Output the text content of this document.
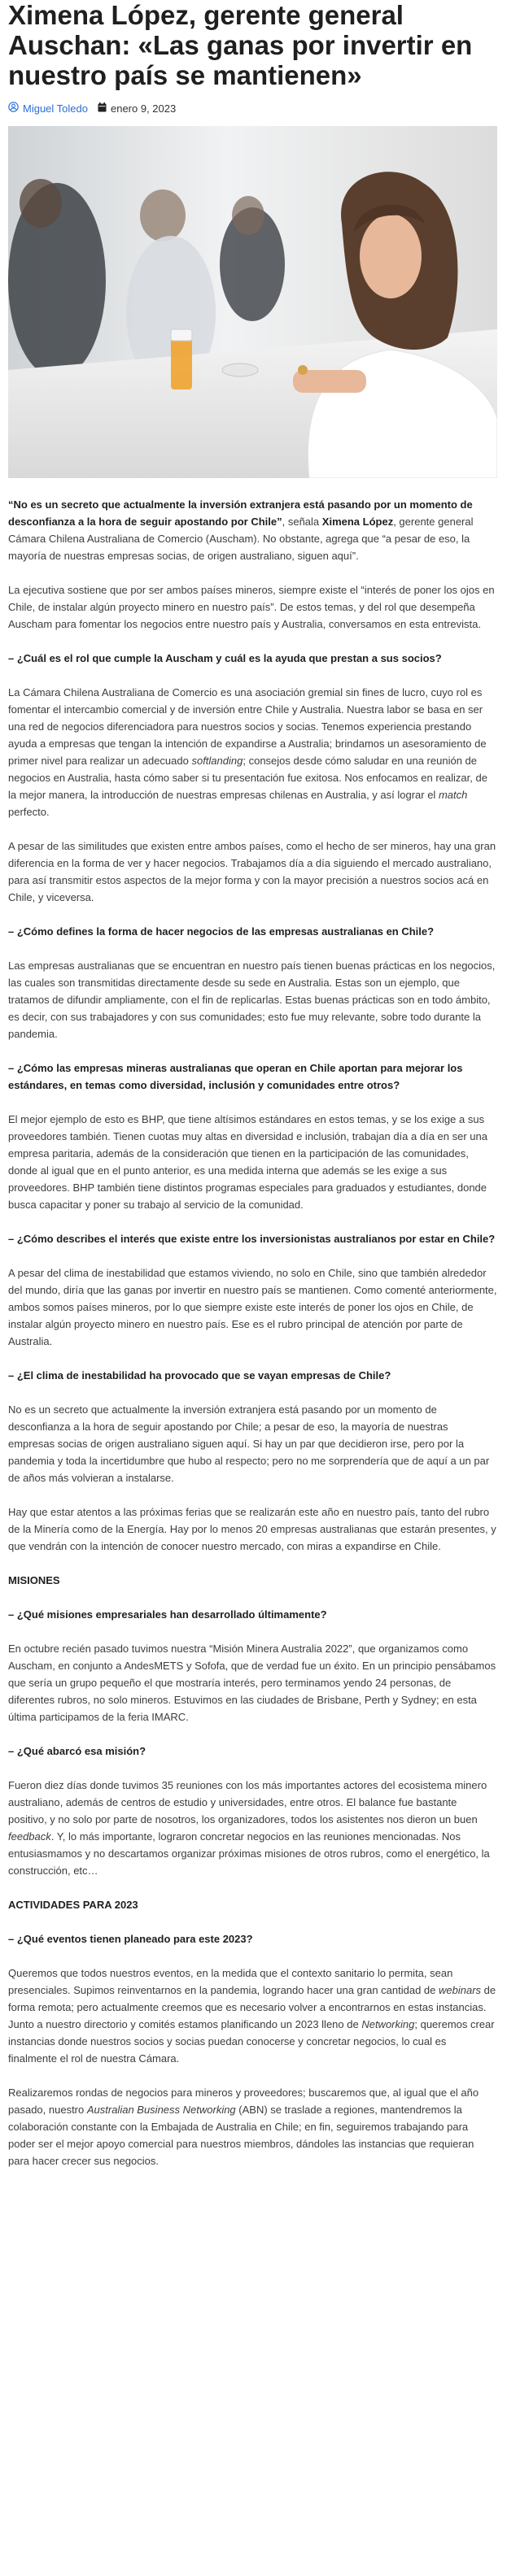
Ximena López, gerente general Auschan: «Las ganas por invertir en nuestro país se mantienen»
Miguel Toledo enero 9, 2023

“No es un secreto que actualmente la inversión extranjera está pasando por un momento de desconfianza a la hora de seguir apostando por Chile”, señala Ximena López, gerente general Cámara Chilena Australiana de Comercio (Auscham). No obstante, agrega que “a pesar de eso, la mayoría de nuestras empresas socias, de origen australiano, siguen aquí”.

La ejecutiva sostiene que por ser ambos países mineros, siempre existe el “interés de poner los ojos en Chile, de instalar algún proyecto minero en nuestro país”. De estos temas, y del rol que desempeña Auscham para fomentar los negocios entre nuestro país y Australia, conversamos en esta entrevista.

– ¿Cuál es el rol que cumple la Auscham y cuál es la ayuda que prestan a sus socios?

La Cámara Chilena Australiana de Comercio es una asociación gremial sin fines de lucro, cuyo rol es fomentar el intercambio comercial y de inversión entre Chile y Australia. Nuestra labor se basa en ser una red de negocios diferenciadora para nuestros socios y socias. Tenemos experiencia prestando ayuda a empresas que tengan la intención de expandirse a Australia; brindamos un asesoramiento de primer nivel para realizar un adecuado softlanding; consejos desde cómo saludar en una reunión de negocios en Australia, hasta cómo saber si tu presentación fue exitosa. Nos enfocamos en realizar, de la mejor manera, la introducción de nuestras empresas chilenas en Australia, y así lograr el match perfecto.

A pesar de las similitudes que existen entre ambos países, como el hecho de ser mineros, hay una gran diferencia en la forma de ver y hacer negocios. Trabajamos día a día siguiendo el mercado australiano, para así transmitir estos aspectos de la mejor forma y con la mayor precisión a nuestros socios acá en Chile, y viceversa.

– ¿Cómo defines la forma de hacer negocios de las empresas australianas en Chile?

Las empresas australianas que se encuentran en nuestro país tienen buenas prácticas en los negocios, las cuales son transmitidas directamente desde su sede en Australia. Estas son un ejemplo, que tratamos de difundir ampliamente, con el fin de replicarlas. Estas buenas prácticas son en todo ámbito, es decir, con sus trabajadores y con sus comunidades; esto fue muy relevante, sobre todo durante la pandemia.

– ¿Cómo las empresas mineras australianas que operan en Chile aportan para mejorar los estándares, en temas como diversidad, inclusión y comunidades entre otros?

El mejor ejemplo de esto es BHP, que tiene altísimos estándares en estos temas, y se los exige a sus proveedores también. Tienen cuotas muy altas en diversidad e inclusión, trabajan día a día en ser una empresa paritaria, además de la consideración que tienen en la participación de las comunidades, donde al igual que en el punto anterior, es una medida interna que además se les exige a sus proveedores. BHP también tiene distintos programas especiales para graduados y estudiantes, donde busca capacitar y poner su trabajo al servicio de la comunidad.

– ¿Cómo describes el interés que existe entre los inversionistas australianos por estar en Chile?

A pesar del clima de inestabilidad que estamos viviendo, no solo en Chile, sino que también alrededor del mundo, diría que las ganas por invertir en nuestro país se mantienen. Como comenté anteriormente, ambos somos países mineros, por lo que siempre existe este interés de poner los ojos en Chile, de instalar algún proyecto minero en nuestro país. Ese es el rubro principal de atención por parte de Australia.

– ¿El clima de inestabilidad ha provocado que se vayan empresas de Chile?

No es un secreto que actualmente la inversión extranjera está pasando por un momento de desconfianza a la hora de seguir apostando por Chile; a pesar de eso, la mayoría de nuestras empresas socias de origen australiano siguen aquí. Si hay un par que decidieron irse, pero por la pandemia y toda la incertidumbre que hubo al respecto; pero no me sorprendería que de aquí a un par de años más volvieran a instalarse.

Hay que estar atentos a las próximas ferias que se realizarán este año en nuestro país, tanto del rubro de la Minería como de la Energía. Hay por lo menos 20 empresas australianas que estarán presentes, y que vendrán con la intención de conocer nuestro mercado, con miras a expandirse en Chile.

MISIONES

– ¿Qué misiones empresariales han desarrollado últimamente?

En octubre recién pasado tuvimos nuestra “Misión Minera Australia 2022”, que organizamos como Auscham, en conjunto a AndesMETS y Sofofa, que de verdad fue un éxito. En un principio pensábamos que sería un grupo pequeño el que mostraría interés, pero terminamos yendo 24 personas, de diferentes rubros, no solo mineros. Estuvimos en las ciudades de Brisbane, Perth y Sydney; en esta última participamos de la feria IMARC.

– ¿Qué abarcó esa misión?

Fueron diez días donde tuvimos 35 reuniones con los más importantes actores del ecosistema minero australiano, además de centros de estudio y universidades, entre otros. El balance fue bastante positivo, y no solo por parte de nosotros, los organizadores, todos los asistentes nos dieron un buen feedback. Y, lo más importante, lograron concretar negocios en las reuniones mencionadas. Nos entusiasmamos y no descartamos organizar próximas misiones de otros rubros, como el energético, la construcción, etc…

ACTIVIDADES PARA 2023

– ¿Qué eventos tienen planeado para este 2023?

Queremos que todos nuestros eventos, en la medida que el contexto sanitario lo permita, sean presenciales. Supimos reinventarnos en la pandemia, logrando hacer una gran cantidad de webinars de forma remota; pero actualmente creemos que es necesario volver a encontrarnos en estas instancias. Junto a nuestro directorio y comités estamos planificando un 2023 lleno de Networking; queremos crear instancias donde nuestros socios y socias puedan conocerse y concretar negocios, lo cual es finalmente el rol de nuestra Cámara.

Realizaremos rondas de negocios para mineros y proveedores; buscaremos que, al igual que el año pasado, nuestro Australian Business Networking (ABN) se traslade a regiones, mantendremos la colaboración constante con la Embajada de Australia en Chile; en fin, seguiremos trabajando para poder ser el mejor apoyo comercial para nuestros miembros, dándoles las instancias que requieran para hacer crecer sus negocios.
